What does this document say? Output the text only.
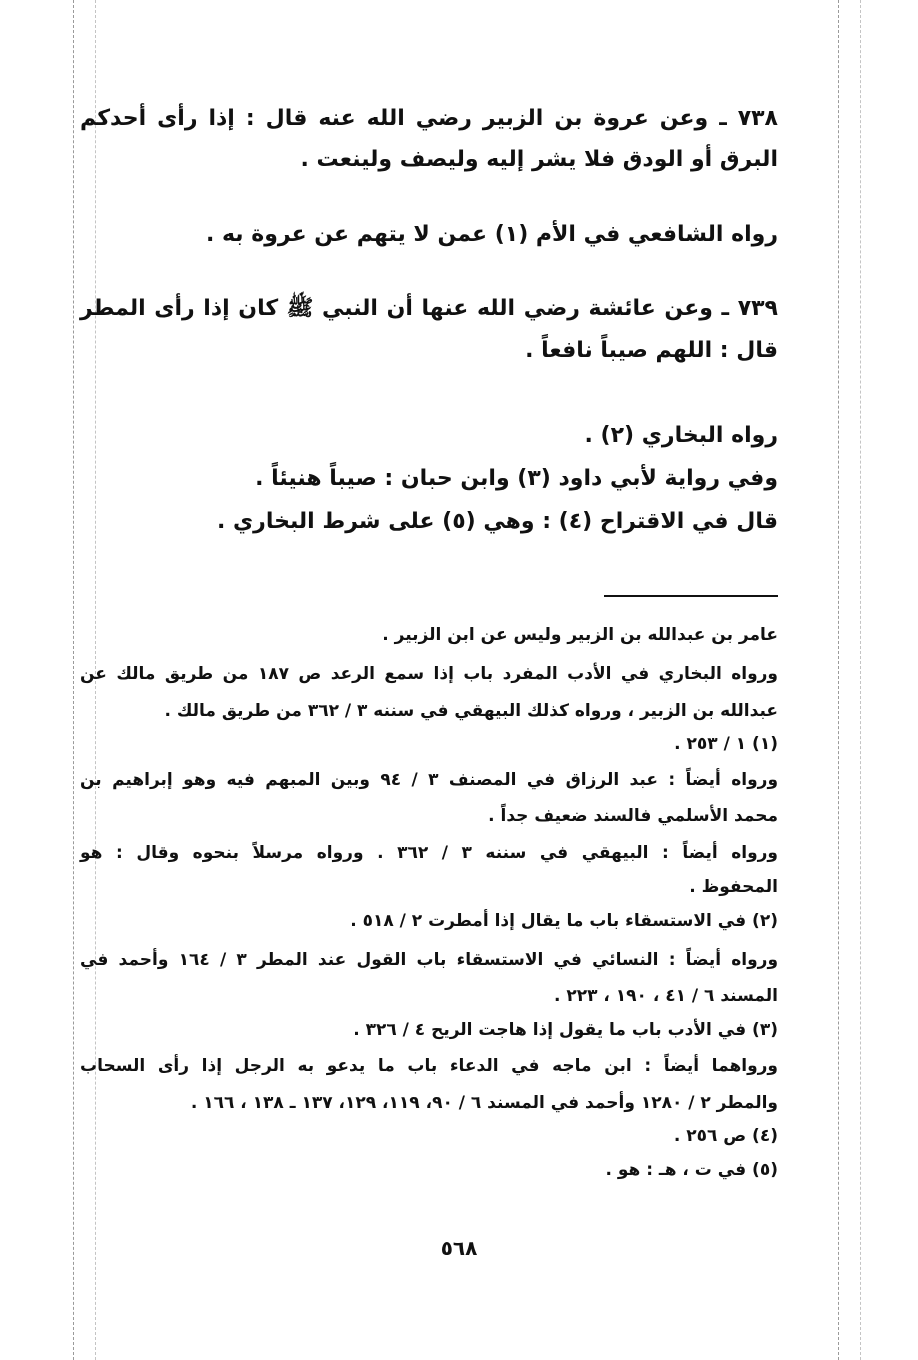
٧٣٨ ـ وعن عروة بن الزبير رضي الله عنه قال : إذا رأى أحدكم
البرق أو الودق فلا يشر إليه وليصف ولينعت .
رواه الشافعي في الأم (١) عمن لا يتهم عن عروة به .
٧٣٩ ـ وعن عائشة رضي الله عنها أن النبي ﷺ كان إذا رأى المطر
قال : اللهم صيباً نافعاً .
رواه البخاري (٢) .
وفي رواية لأبي داود (٣) وابن حبان : صيباً هنيئاً .
قال في الاقتراح (٤) : وهي (٥) على شرط البخاري .
عامر بن عبدالله بن الزبير وليس عن ابن الزبير .
ورواه البخاري في الأدب المفرد باب إذا سمع الرعد ص ١٨٧ من طريق مالك عن
عبدالله بن الزبير ، ورواه كذلك البيهقي في سننه ٣ / ٣٦٢ من طريق مالك .
(١) ١ / ٢٥٣ .
ورواه أيضاً : عبد الرزاق في المصنف ٣ / ٩٤ وبين المبهم فيه وهو إبراهيم بن
محمد الأسلمي فالسند ضعيف جداً .
ورواه أيضاً : البيهقي في سننه ٣ / ٣٦٢ . ورواه مرسلاً بنحوه وقال : هو
المحفوظ .
(٢) في الاستسقاء باب ما يقال إذا أمطرت ٢ / ٥١٨ .
ورواه أيضاً : النسائي في الاستسقاء باب القول عند المطر ٣ / ١٦٤ وأحمد في
المسند ٦ / ٤١ ، ١٩٠ ، ٢٢٣ .
(٣) في الأدب باب ما يقول إذا هاجت الريح ٤ / ٣٢٦ .
ورواهما أيضاً : ابن ماجه في الدعاء باب ما يدعو به الرجل إذا رأى السحاب
والمطر ٢ / ١٢٨٠ وأحمد في المسند ٦ / ٩٠، ١١٩، ١٢٩، ١٣٧ ـ ١٣٨ ، ١٦٦ .
(٤) ص ٢٥٦ .
(٥) في ت ، هـ : هو .
٥٦٨
